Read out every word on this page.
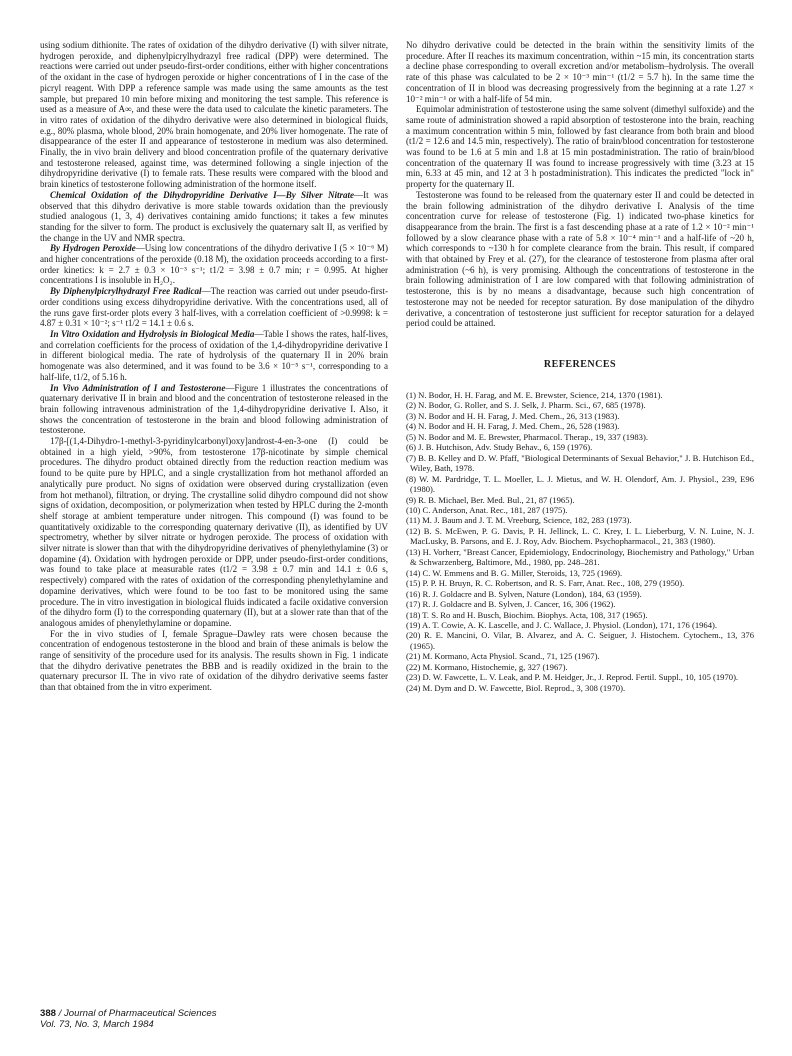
using sodium dithionite. The rates of oxidation of the dihydro derivative (I) with silver nitrate, hydrogen peroxide, and diphenylpicrylhydrazyl free radical (DPP) were determined. The reactions were carried out under pseudo-first-order conditions, either with higher concentrations of the oxidant in the case of hydrogen peroxide or higher concentrations of I in the case of the picryl reagent. With DPP a reference sample was made using the same amounts as the test sample, but prepared 10 min before mixing and monitoring the test sample. This reference is used as a measure of A∞, and these were the data used to calculate the kinetic parameters. The in vitro rates of oxidation of the dihydro derivative were also determined in biological fluids, e.g., 80% plasma, whole blood, 20% brain homogenate, and 20% liver homogenate. The rate of disappearance of the ester II and appearance of testosterone in medium was also determined. Finally, the in vivo brain delivery and blood concentration profile of the quaternary derivative and testosterone released, against time, was determined following a single injection of the dihydropyridine derivative (I) to female rats. These results were compared with the blood and brain kinetics of testosterone following administration of the hormone itself.

Chemical Oxidation of the Dihydropyridine Derivative I—By Silver Nitrate—It was observed that this dihydro derivative is more stable towards oxidation than the previously studied analogous (1, 3, 4) derivatives containing amido functions; it takes a few minutes standing for the silver to form. The product is exclusively the quaternary salt II, as verified by the change in the UV and NMR spectra.

By Hydrogen Peroxide—Using low concentrations of the dihydro derivative I (5 × 10⁻⁶ M) and higher concentrations of the peroxide (0.18 M), the oxidation proceeds according to a first-order kinetics: k = 2.7 ± 0.3 × 10⁻³ s⁻¹; t1/2 = 3.98 ± 0.7 min; r = 0.995. At higher concentrations I is insoluble in H₂O₂.

By Diphenylpicrylhydrazyl Free Radical—The reaction was carried out under pseudo-first-order conditions using excess dihydropyridine derivative. With the concentrations used, all of the runs gave first-order plots every 3 half-lives, with a correlation coefficient of >0.9998: k = 4.87 ± 0.31 × 10⁻²; s⁻¹ t1/2 = 14.1 ± 0.6 s.

In Vitro Oxidation and Hydrolysis in Biological Media—Table I shows the rates, half-lives, and correlation coefficients for the process of oxidation of the 1,4-dihydropyridine derivative I in different biological media. The rate of hydrolysis of the quaternary II in 20% brain homogenate was also determined, and it was found to be 3.6 × 10⁻⁵ s⁻¹, corresponding to a half-life, t1/2, of 5.16 h.

In Vivo Administration of I and Testosterone—Figure 1 illustrates the concentrations of quaternary derivative II in brain and blood and the concentration of testosterone released in the brain following intravenous administration of the 1,4-dihydropyridine derivative I. Also, it shows the concentration of testosterone in the brain and blood following administration of testosterone.

17β-[(1,4-Dihydro-1-methyl-3-pyridinylcarbonyl)oxy]androst-4-en-3-one (I) could be obtained in a high yield, >90%, from testosterone 17β-nicotinate by simple chemical procedures. The dihydro product obtained directly from the reduction reaction medium was found to be quite pure by HPLC, and a single crystallization from hot methanol afforded an analytically pure product. No signs of oxidation were observed during crystallization (even from hot methanol), filtration, or drying. The crystalline solid dihydro compound did not show signs of oxidation, decomposition, or polymerization when tested by HPLC during the 2-month shelf storage at ambient temperature under nitrogen. This compound (I) was found to be quantitatively oxidizable to the corresponding quaternary derivative (II), as identified by UV spectrometry, whether by silver nitrate or hydrogen peroxide. The process of oxidation with silver nitrate is slower than that with the dihydropyridine derivatives of phenylethylamine (3) or dopamine (4). Oxidation with hydrogen peroxide or DPP, under pseudo-first-order conditions, was found to take place at measurable rates (t1/2 = 3.98 ± 0.7 min and 14.1 ± 0.6 s, respectively) compared with the rates of oxidation of the corresponding phenylethylamine and dopamine derivatives, which were found to be too fast to be monitored using the same procedure. The in vitro investigation in biological fluids indicated a facile oxidative conversion of the dihydro form (I) to the corresponding quaternary (II), but at a slower rate than that of the analogous amides of phenylethylamine or dopamine.

For the in vivo studies of I, female Sprague–Dawley rats were chosen because the concentration of endogenous testosterone in the blood and brain of these animals is below the range of sensitivity of the procedure used for its analysis. The results shown in Fig. 1 indicate that the dihydro derivative penetrates the BBB and is readily oxidized in the brain to the quaternary precursor II. The in vivo rate of oxidation of the dihydro derivative seems faster than that obtained from the in vitro experiment.

No dihydro derivative could be detected in the brain within the sensitivity limits of the procedure. After II reaches its maximum concentration, within ~15 min, its concentration starts a decline phase corresponding to overall excretion and/or metabolism–hydrolysis. The overall rate of this phase was calculated to be 2 × 10⁻³ min⁻¹ (t1/2 = 5.7 h). In the same time the concentration of II in blood was decreasing progressively from the beginning at a rate 1.27 × 10⁻² min⁻¹ or with a half-life of 54 min.

Equimolar administration of testosterone using the same solvent (dimethyl sulfoxide) and the same route of administration showed a rapid absorption of testosterone into the brain, reaching a maximum concentration within 5 min, followed by fast clearance from both brain and blood (t1/2 = 12.6 and 14.5 min, respectively). The ratio of brain/blood concentration for testosterone was found to be 1.6 at 5 min and 1.8 at 15 min postadministration. The ratio of brain/blood concentration of the quaternary II was found to increase progressively with time (3.23 at 15 min, 6.33 at 45 min, and 12 at 3 h postadministration). This indicates the predicted "lock in" property for the quaternary II.

Testosterone was found to be released from the quaternary ester II and could be detected in the brain following administration of the dihydro derivative I. Analysis of the time concentration curve for release of testosterone (Fig. 1) indicated two-phase kinetics for disappearance from the brain. The first is a fast descending phase at a rate of 1.2 × 10⁻² min⁻¹ followed by a slow clearance phase with a rate of 5.8 × 10⁻⁴ min⁻¹ and a half-life of ~20 h, which corresponds to ~130 h for complete clearance from the brain. This result, if compared with that obtained by Frey et al. (27), for the clearance of testosterone from plasma after oral administration (~6 h), is very promising. Although the concentrations of testosterone in the brain following administration of I are low compared with that following administration of testosterone, this is by no means a disadvantage, because such high concentration of testosterone may not be needed for receptor saturation. By dose manipulation of the dihydro derivative, a concentration of testosterone just sufficient for receptor saturation for a delayed period could be attained.

REFERENCES

(1) N. Bodor, H. H. Farag, and M. E. Brewster, Science, 214, 1370 (1981).

(2) N. Bodor, G. Roller, and S. J. Selk, J. Pharm. Sci., 67, 685 (1978).

(3) N. Bodor and H. H. Farag, J. Med. Chem., 26, 313 (1983).

(4) N. Bodor and H. H. Farag, J. Med. Chem., 26, 528 (1983).

(5) N. Bodor and M. E. Brewster, Pharmacol. Therap., 19, 337 (1983).

(6) J. B. Hutchison, Adv. Study Behav., 6, 159 (1976).

(7) B. B. Kelley and D. W. Pfaff, "Biological Determinants of Sexual Behavior," J. B. Hutchison Ed., Wiley, Bath, 1978.

(8) W. M. Pardridge, T. L. Moeller, L. J. Mietus, and W. H. Olendorf, Am. J. Physiol., 239, E96 (1980).

(9) R. B. Michael, Ber. Med. Bul., 21, 87 (1965).

(10) C. Anderson, Anat. Rec., 181, 287 (1975).

(11) M. J. Baum and J. T. M. Vreeburg, Science, 182, 283 (1973).

(12) B. S. McEwen, P. G. Davis, P. H. Jellinck, L. C. Krey, I. L. Lieberburg, V. N. Luine, N. J. MacLusky, B. Parsons, and E. J. Roy, Adv. Biochem. Psychopharmacol., 21, 383 (1980).

(13) H. Vorherr, "Breast Cancer, Epidemiology, Endocrinology, Biochemistry and Pathology," Urban & Schwarzenberg, Baltimore, Md., 1980, pp. 248–281.

(14) C. W. Emmens and B. G. Miller, Steroids, 13, 725 (1969).

(15) P. P. H. Bruyn, R. C. Robertson, and R. S. Farr, Anat. Rec., 108, 279 (1950).

(16) R. J. Goldacre and B. Sylven, Nature (London), 184, 63 (1959).

(17) R. J. Goldacre and B. Sylven, J. Cancer, 16, 306 (1962).

(18) T. S. Ro and H. Busch, Biochim. Biophys. Acta, 108, 317 (1965).

(19) A. T. Cowie, A. K. Lascelle, and J. C. Wallace, J. Physiol. (London), 171, 176 (1964).

(20) R. E. Mancini, O. Vilar, B. Alvarez, and A. C. Seiguer, J. Histochem. Cytochem., 13, 376 (1965).

(21) M. Kormano, Acta Physiol. Scand., 71, 125 (1967).

(22) M. Kormano, Histochemie, g, 327 (1967).

(23) D. W. Fawcette, L. V. Leak, and P. M. Heidger, Jr., J. Reprod. Fertil. Suppl., 10, 105 (1970).

(24) M. Dym and D. W. Fawcette, Biol. Reprod., 3, 308 (1970).

388 / Journal of Pharmaceutical Sciences
Vol. 73, No. 3, March 1984
